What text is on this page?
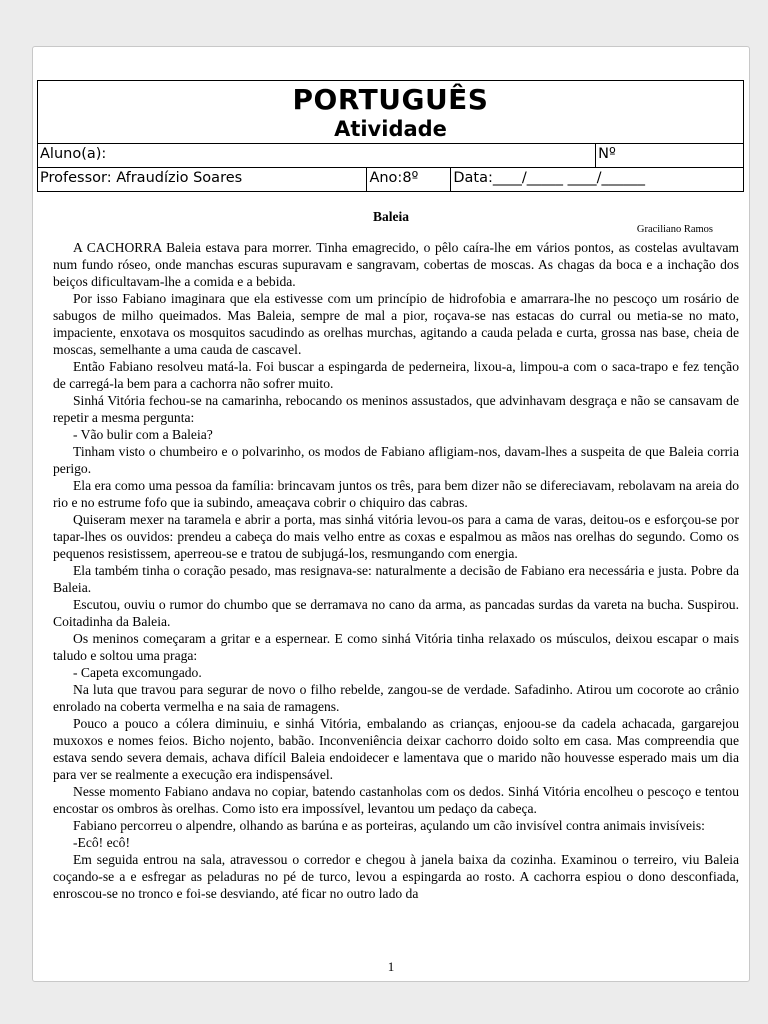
PORTUGUÊS
Atividade			

Aluno(a):			Nº
Professor: Afraudízio Soares	Ano:8º	Data:____/_____ ____/______	
Baleia
Graciliano Ramos

A CACHORRA Baleia estava para morrer. Tinha emagrecido, o pêlo caíra-lhe em vários pontos, as costelas avultavam num fundo róseo, onde manchas escuras supuravam e sangravam, cobertas de moscas. As chagas da boca e a inchação dos beiços dificultavam-lhe a comida e a bebida.

Por isso Fabiano imaginara que ela estivesse com um princípio de hidrofobia e amarrara-lhe no pescoço um rosário de sabugos de milho queimados. Mas Baleia, sempre de mal a pior, roçava-se nas estacas do curral ou metia-se no mato, impaciente, enxotava os mosquitos sacudindo as orelhas murchas, agitando a cauda pelada e curta, grossa nas base, cheia de moscas, semelhante a uma cauda de cascavel.

Então Fabiano resolveu matá-la. Foi buscar a espingarda de pederneira, lixou-a, limpou-a com o saca-trapo e fez tenção de carregá-la bem para a cachorra não sofrer muito.

Sinhá Vitória fechou-se na camarinha, rebocando os meninos assustados, que advinhavam desgraça e não se cansavam de repetir a mesma pergunta:

- Vão bulir com a Baleia?

Tinham visto o chumbeiro e o polvarinho, os modos de Fabiano afligiam-nos, davam-lhes a suspeita de que Baleia corria perigo.

Ela era como uma pessoa da família: brincavam juntos os três, para bem dizer não se difereciavam, rebolavam na areia do rio e no estrume fofo que ia subindo, ameaçava cobrir o chiquiro das cabras.

Quiseram mexer na taramela e abrir a porta, mas sinhá vitória levou-os para a cama de varas, deitou-os e esforçou-se por tapar-lhes os ouvidos: prendeu a cabeça do mais velho entre as coxas e espalmou as mãos nas orelhas do segundo. Como os pequenos resistissem, aperreou-se e tratou de subjugá-los, resmungando com energia.

Ela também tinha o coração pesado, mas resignava-se: naturalmente a decisão de Fabiano era necessária e justa. Pobre da Baleia.

Escutou, ouviu o rumor do chumbo que se derramava no cano da arma, as pancadas surdas da vareta na bucha. Suspirou. Coitadinha da Baleia.

Os meninos começaram a gritar e a espernear. E como sinhá Vitória tinha relaxado os músculos, deixou escapar o mais taludo e soltou uma praga:

- Capeta excomungado.

Na luta que travou para segurar de novo o filho rebelde, zangou-se de verdade. Safadinho. Atirou um cocorote ao crânio enrolado na coberta vermelha e na saia de ramagens.

Pouco a pouco a cólera diminuiu, e sinhá Vitória, embalando as crianças, enjoou-se da cadela achacada, gargarejou muxoxos e nomes feios. Bicho nojento, babão. Inconveniência deixar cachorro doido solto em casa. Mas compreendia que estava sendo severa demais, achava difícil Baleia endoidecer e lamentava que o marido não houvesse esperado mais um dia para ver se realmente a execução era indispensável.

Nesse momento Fabiano andava no copiar, batendo castanholas com os dedos. Sinhá Vitória encolheu o pescoço e tentou encostar os ombros às orelhas. Como isto era impossível, levantou um pedaço da cabeça.

Fabiano percorreu o alpendre, olhando as barúna e as porteiras, açulando um cão invisível contra animais invisíveis:

-Ecô! ecô!

Em seguida entrou na sala, atravessou o corredor e chegou à janela baixa da cozinha. Examinou o terreiro, viu Baleia coçando-se a e esfregar as peladuras no pé de turco, levou a espingarda ao rosto. A cachorra espiou o dono desconfiada, enroscou-se no tronco e foi-se desviando, até ficar no outro lado da

1
